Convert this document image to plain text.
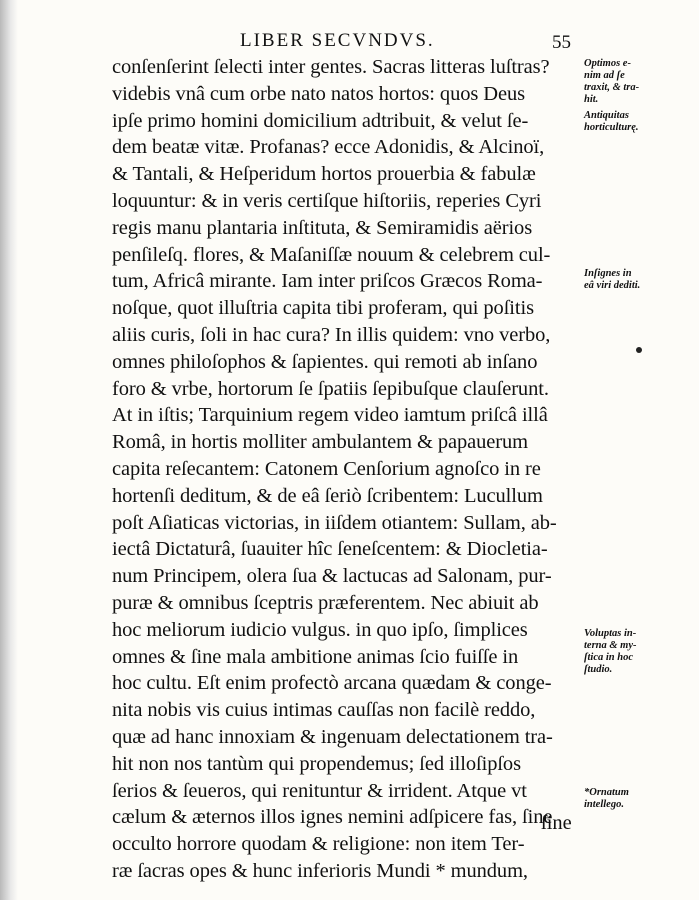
LIBER SECVNDVS.	55
conſenſerint ſelecti inter gentes. Sacras litteras luſtras?
videbis vnâ cum orbe nato natos hortos: quos Deus
ipſe primo homini domicilium adtribuit, & velut ſe-
dem beatæ vitæ. Profanas? ecce Adonidis, & Alcinoï,
& Tantali, & Heſperidum hortos prouerbia & fabulæ
loquuntur: & in veris certiſque hiſtoriis, reperies Cyri
regis manu plantaria inſtituta, & Semiramidis aërios
penſileſq. flores, & Maſaniſſæ nouum & celebrem cul-
tum, Africâ mirante. Iam inter priſcos Græcos Roma-
noſque, quot illuſtria capita tibi proferam, qui poſitis
aliis curis, ſoli in hac cura? In illis quidem: vno verbo,
omnes philoſophos & ſapientes. qui remoti ab inſano
foro & vrbe, hortorum ſe ſpatiis ſepibuſque clauſerunt.
At in iſtis; Tarquinium regem video iamtum priſcâ illâ
Româ, in hortis molliter ambulantem & papauerum
capita reſecantem: Catonem Cenſorium agnoſco in re
hortenſi deditum, & de eâ ſeriò ſcribentem: Lucullum
poſt Aſiaticas victorias, in iiſdem otiantem: Sullam, ab-
iectâ Dictaturâ, ſuauiter hîc ſeneſcentem: & Diocletia-
num Principem, olera ſua & lactucas ad Salonam, pur-
puræ & omnibus ſceptris præferentem. Nec abiuit ab
hoc meliorum iudicio vulgus. in quo ipſo, ſimplices
omnes & ſine mala ambitione animas ſcio fuiſſe in
hoc cultu. Eſt enim profectò arcana quædam & conge-
nita nobis vis cuius intimas cauſſas non facilè reddo,
quæ ad hanc innoxiam & ingenuam delectationem tra-
hit non nos tantùm qui propendemus; ſed illoſipſos
ſerios & ſeueros, qui renituntur & irrident. Atque vt
cælum & æternos illos ignes nemini adſpicere fas, ſine
occulto horrore quodam & religione: non item Ter-
ræ ſacras opes & hunc inferioris Mundi * mundum,
ſine
Optimos e-
nim ad ſe
traxit, & tra-
hit.
Antiquitas
horticulturę.
Inſignes in
eâ viri dediti.
Voluptas in-
terna & my-
ſtica in hoc
ſtudio.
*Ornatum
intellego.
